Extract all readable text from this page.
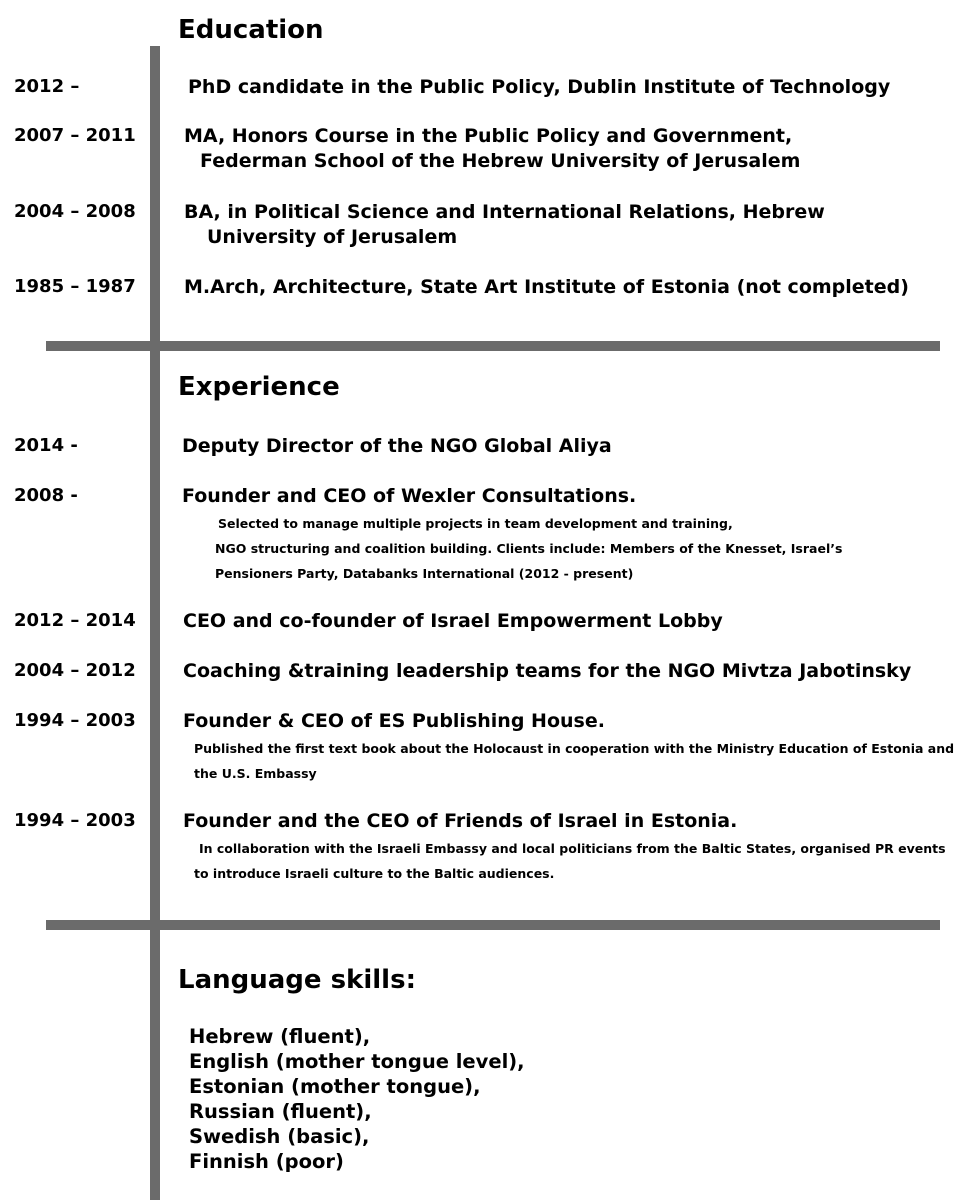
Education
2012 –	PhD candidate in the Public Policy, Dublin Institute of Technology
2007 – 2011	MA, Honors Course in the Public Policy and Government,
Federman School of the Hebrew University of Jerusalem
2004 – 2008	BA, in Political Science and International Relations, Hebrew
University of Jerusalem
1985 – 1987	M.Arch, Architecture, State Art Institute of Estonia (not completed)
Experience
2014 -	Deputy Director of the NGO Global Aliya
2008 -	Founder and CEO of Wexler Consultations.
Selected to manage multiple projects in team development and training,
NGO structuring and coalition building. Clients include: Members of the Knesset, Israel’s
Pensioners Party, Databanks International (2012 - present)
2012 – 2014 CEO and co-founder of Israel Empowerment Lobby
2004 – 2012 Coaching &training leadership teams for the NGO Mivtza Jabotinsky
1994 – 2003 Founder & CEO of ES Publishing House.
Published the first text book about the Holocaust in cooperation with the Ministry Education of Estonia and
the U.S. Embassy
1994 – 2003 Founder and the CEO of Friends of Israel in Estonia.
In collaboration with the Israeli Embassy and local politicians from the Baltic States, organised PR events
to introduce Israeli culture to the Baltic audiences.
Language skills:
Hebrew (fluent),
English (mother tongue level),
Estonian (mother tongue),
Russian (fluent),
Swedish (basic),
Finnish (poor)
